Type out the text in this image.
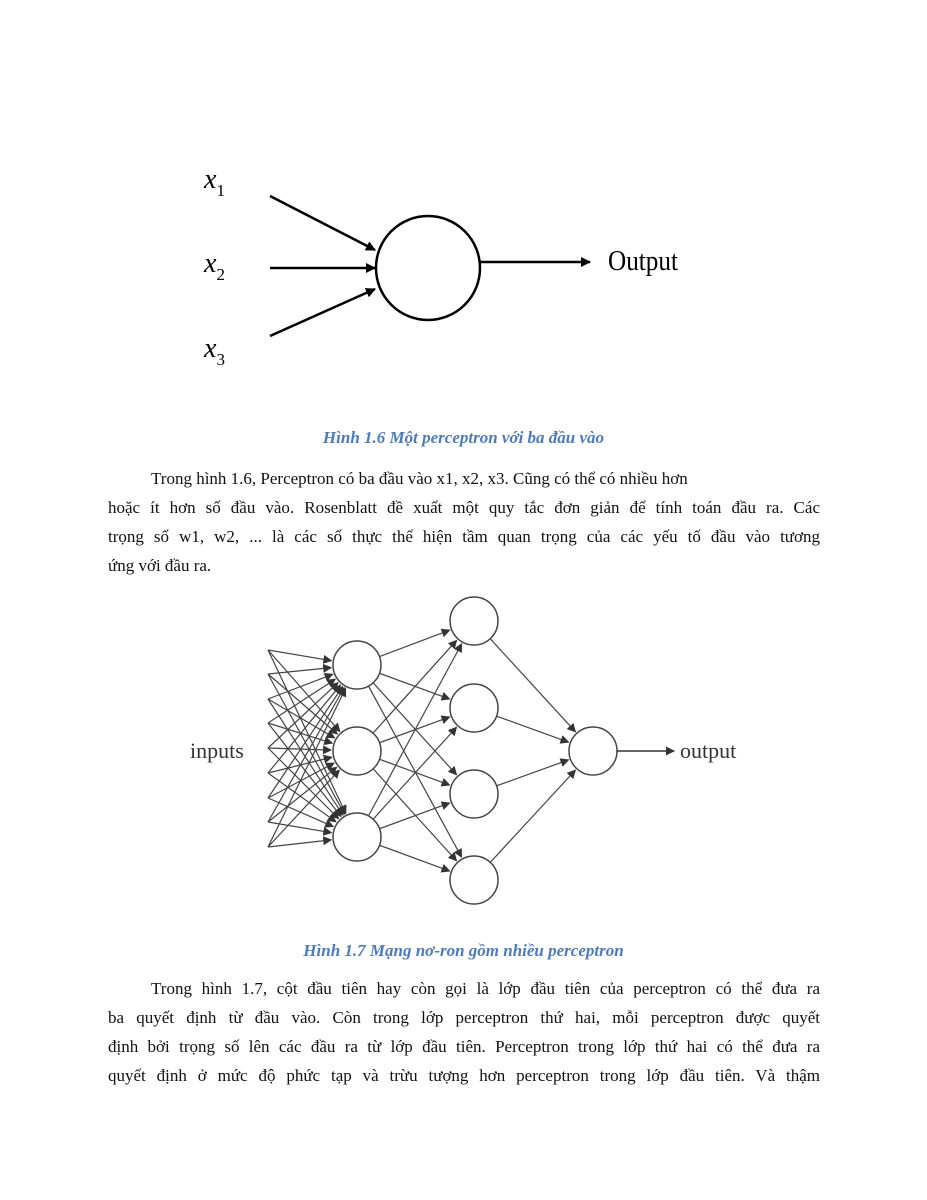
$x_1$
$x_2$
$x_3$
Output
Hình 1.6 Một perceptron với ba đầu vào

Trong hình 1.6, Perceptron có ba đầu vào x1, x2, x3. Cũng có thể có nhiều hơn
hoặc ít hơn số đầu vào. Rosenblatt đề xuất một quy tắc đơn giản để tính toán đầu ra. Các
trọng số w1, w2, ... là các số thực thể hiện tầm quan trọng của các yếu tố đầu vào tương
ứng với đầu ra.

inputs	output
Hình 1.7 Mạng nơ-ron gồm nhiều perceptron

Trong hình 1.7, cột đầu tiên hay còn gọi là lớp đầu tiên của perceptron có thể đưa ra
ba quyết định từ đầu vào. Còn trong lớp perceptron thứ hai, mỗi perceptron được quyết
định bởi trọng số lên các đầu ra từ lớp đầu tiên. Perceptron trong lớp thứ hai có thể đưa ra
quyết định ở mức độ phức tạp và trừu tượng hơn perceptron trong lớp đầu tiên. Và thậm
